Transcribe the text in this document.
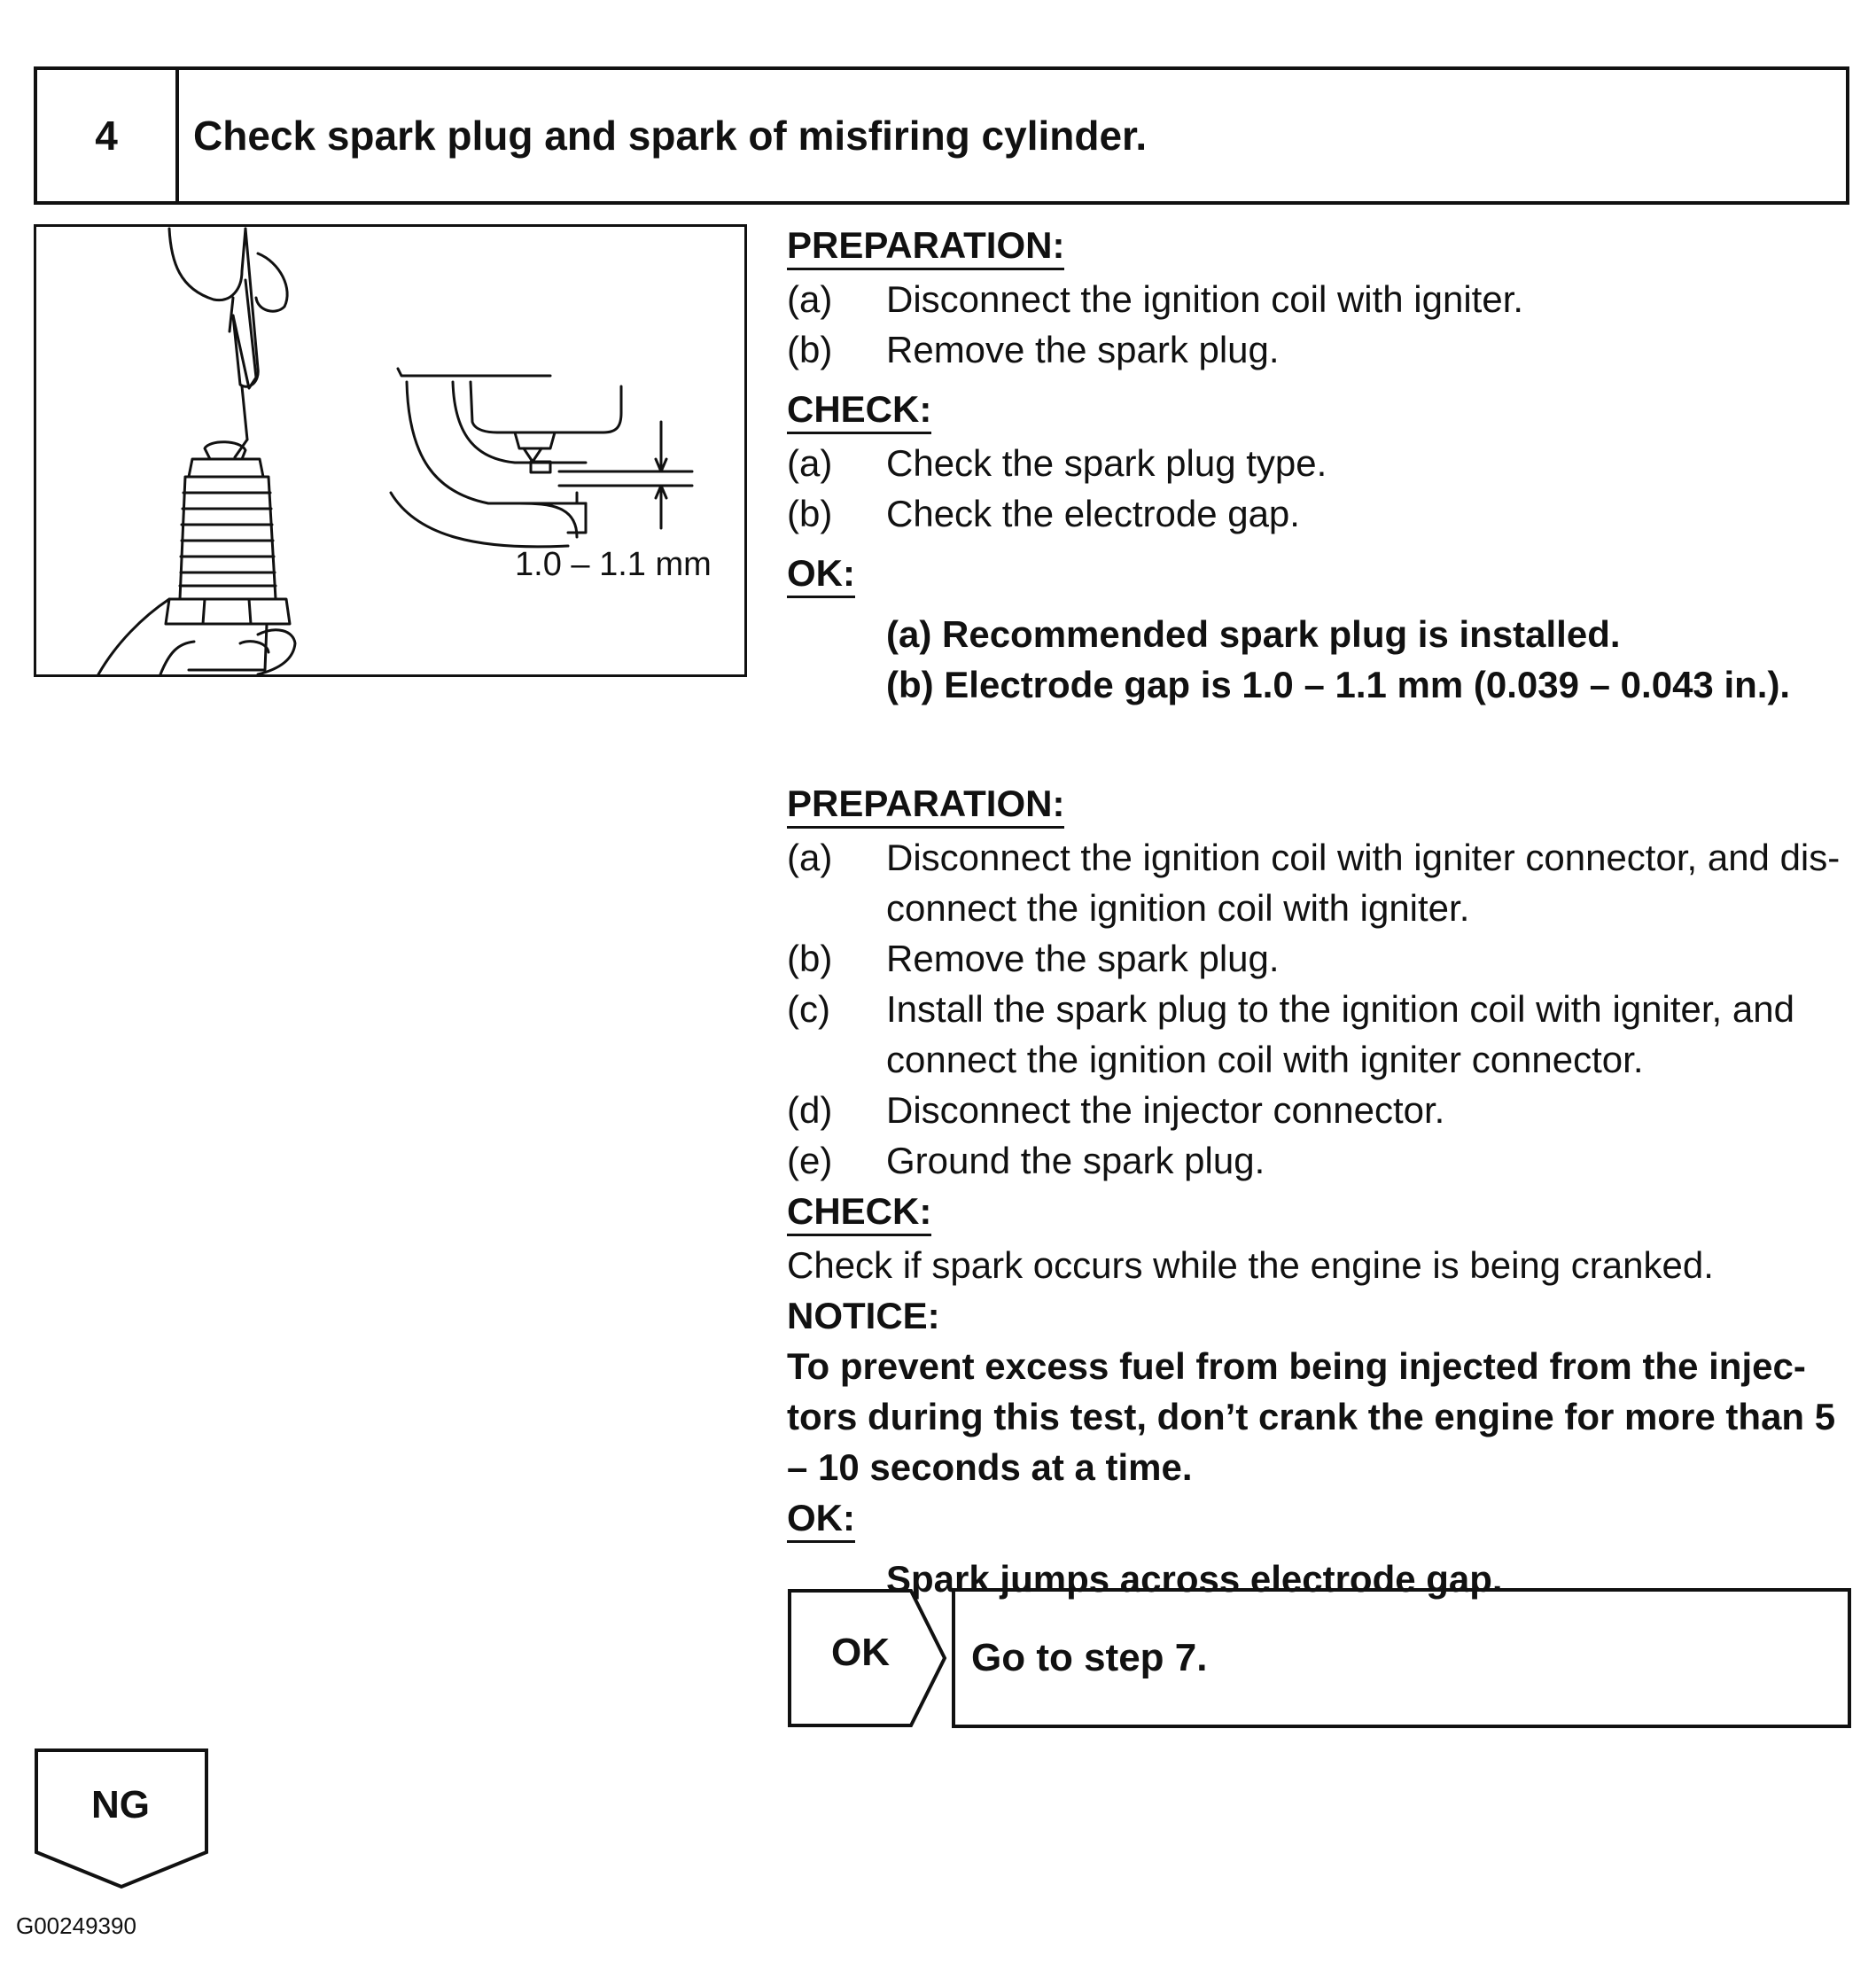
4	Check spark plug and spark of misfiring cylinder.
1.0 – 1.1 mm
PREPARATION:
(a)	Disconnect the ignition coil with igniter.
(b)	Remove the spark plug.
CHECK:
(a)	Check the spark plug type.
(b)	Check the electrode gap.
OK:
(a) Recommended spark plug is installed.
(b) Electrode gap is 1.0 – 1.1 mm (0.039 – 0.043 in.).
PREPARATION:
(a)	Disconnect the ignition coil with igniter connector, and dis-connect the ignition coil with igniter.
(b)	Remove the spark plug.
(c)	Install the spark plug to the ignition coil with igniter, and connect the ignition coil with igniter connector.
(d)	Disconnect the injector connector.
(e)	Ground the spark plug.
CHECK:
Check if spark occurs while the engine is being cranked.
NOTICE:
To prevent excess fuel from being injected from the injec-tors during this test, don’t crank the engine for more than 5 – 10 seconds at a time.
OK:
Spark jumps across electrode gap.
OK Go to step 7.
NG
G00249390
